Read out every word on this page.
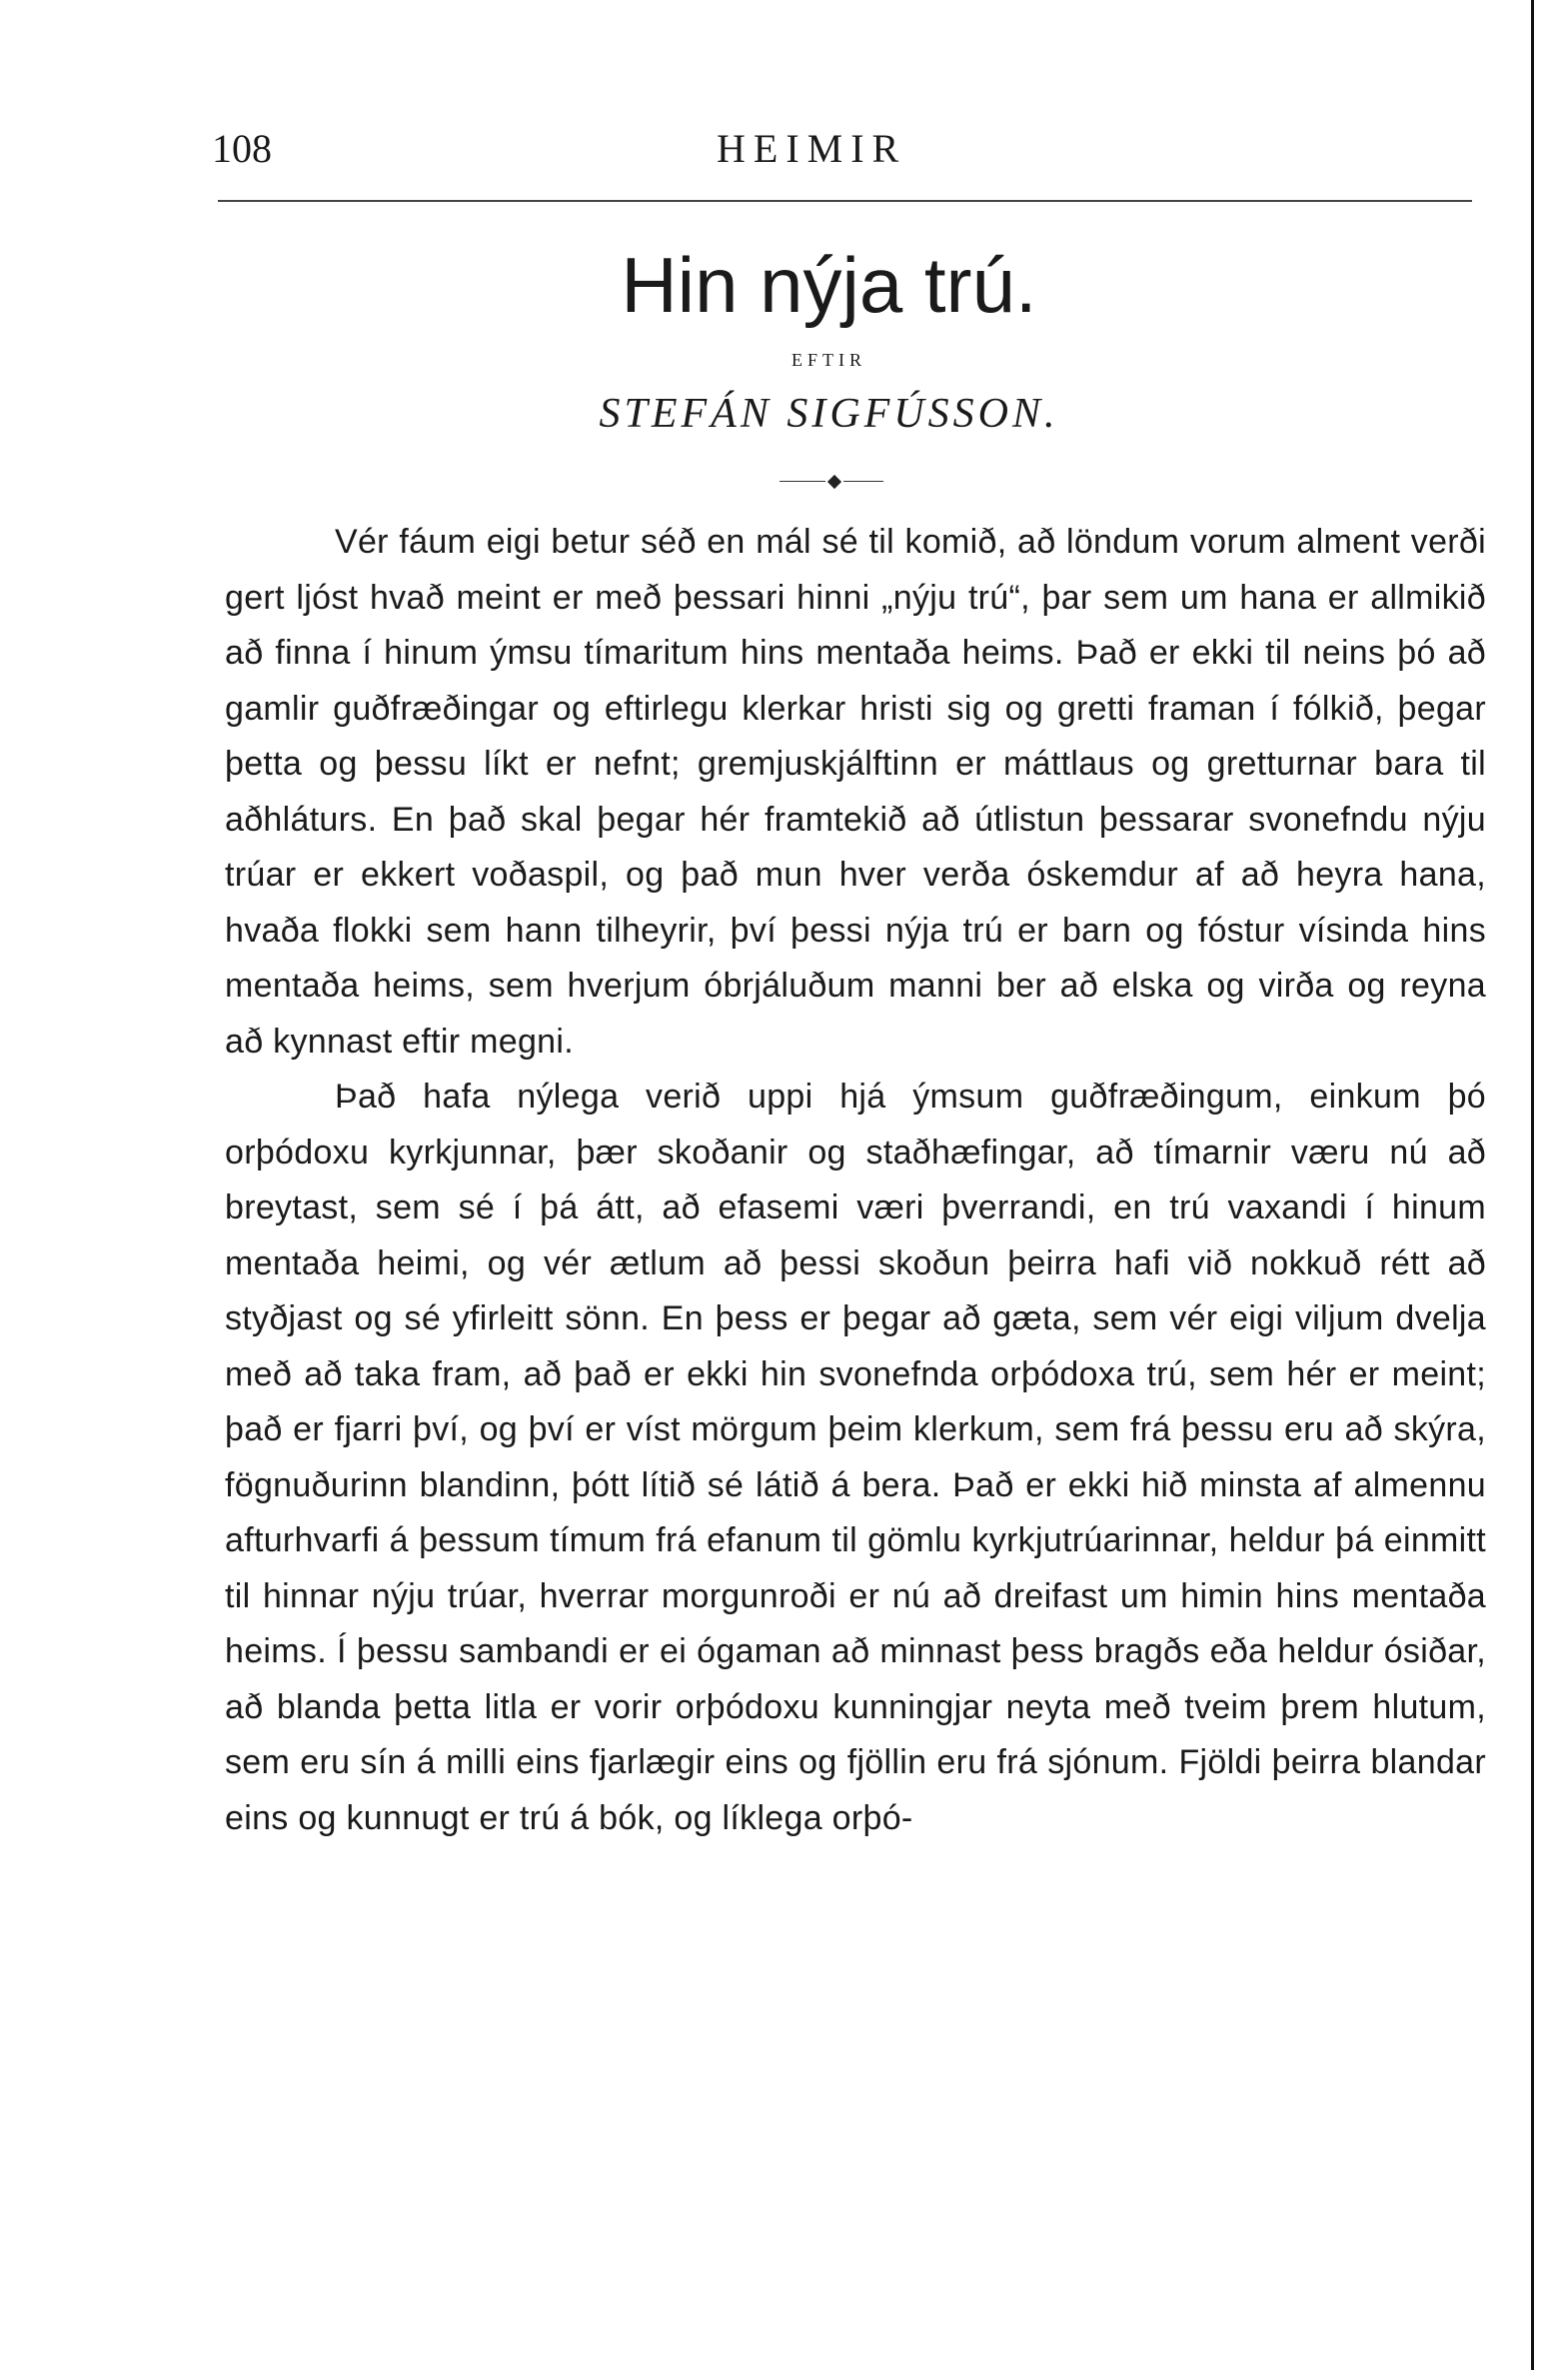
108	HEIMIR
Hin nýja trú.
EFTIR
STEFÁN SIGFÚSSON.

Vér fáum eigi betur séð en mál sé til komið, að löndum vorum alment verði gert ljóst hvað meint er með þessari hinni „nýju trú“, þar sem um hana er allmikið að finna í hinum ýmsu tímaritum hins mentaða heims. Það er ekki til neins þó að gamlir guðfræðingar og eftirlegu klerkar hristi sig og gretti framan í fólkið, þegar þetta og þessu líkt er nefnt; gremjuskjálftinn er máttlaus og gretturnar bara til aðhláturs. En það skal þegar hér framtekið að útlistun þessarar svonefndu nýju trúar er ekkert voðaspil, og það mun hver verða óskemdur af að heyra hana, hvaða flokki sem hann tilheyrir, því þessi nýja trú er barn og fóstur vísinda hins mentaða heims, sem hverjum óbrjáluðum manni ber að elska og virða og reyna að kynnast eftir megni.

Það hafa nýlega verið uppi hjá ýmsum guðfræðingum, einkum þó orþódoxu kyrkjunnar, þær skoðanir og staðhæfingar, að tímarnir væru nú að breytast, sem sé í þá átt, að efasemi væri þverrandi, en trú vaxandi í hinum mentaða heimi, og vér ætlum að þessi skoðun þeirra hafi við nokkuð rétt að styðjast og sé yfirleitt sönn. En þess er þegar að gæta, sem vér eigi viljum dvelja með að taka fram, að það er ekki hin svonefnda orþódoxa trú, sem hér er meint; það er fjarri því, og því er víst mörgum þeim klerkum, sem frá þessu eru að skýra, fögnuðurinn blandinn, þótt lítið sé látið á bera. Það er ekki hið minsta af almennu afturhvarfi á þessum tímum frá efanum til gömlu kyrkjutrúarinnar, heldur þá einmitt til hinnar nýju trúar, hverrar morgunroði er nú að dreifast um himin hins mentaða heims. Í þessu sambandi er ei ógaman að minnast þess bragðs eða heldur ósiðar, að blanda þetta litla er vorir orþódoxu kunningjar neyta með tveim þrem hlutum, sem eru sín á milli eins fjarlægir eins og fjöllin eru frá sjónum. Fjöldi þeirra blandar eins og kunnugt er trú á bók, og líklega orþó-
